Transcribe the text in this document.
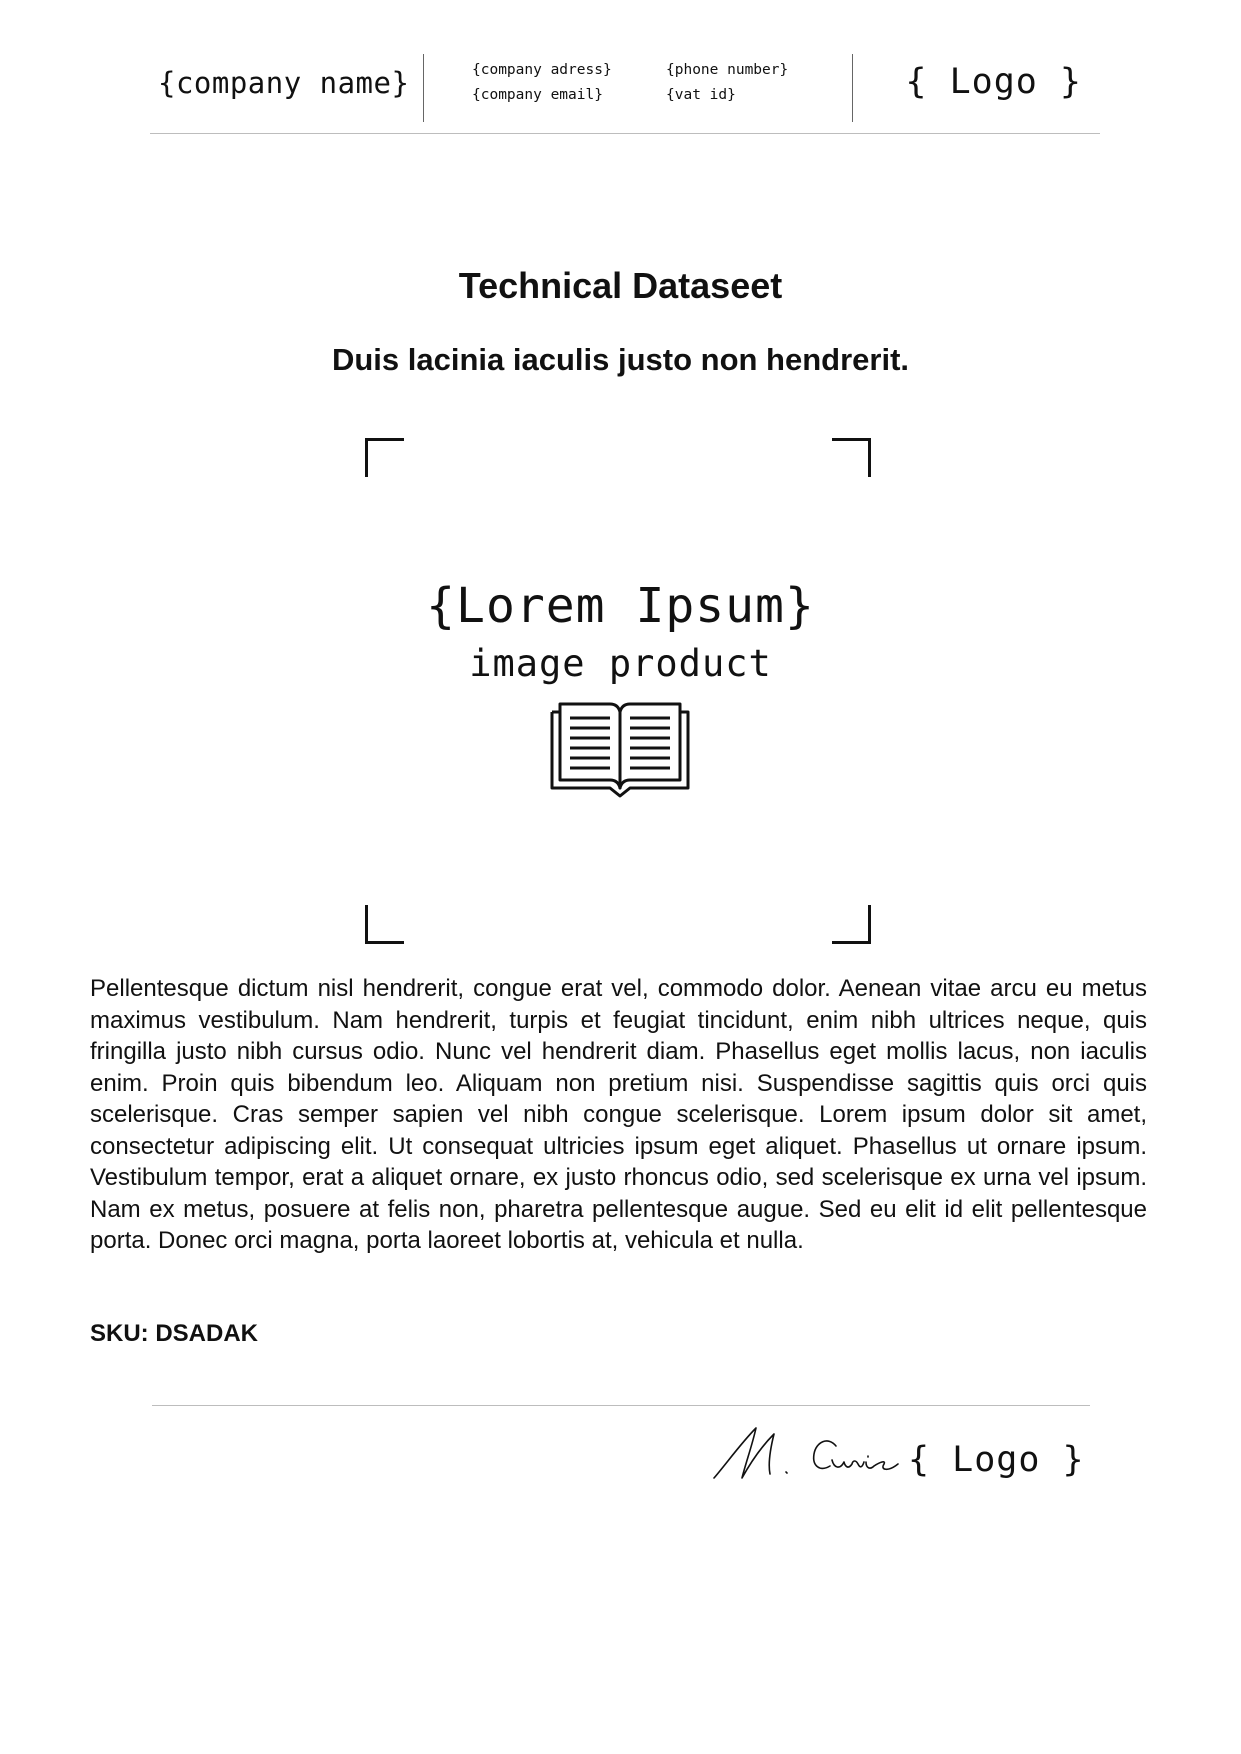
{company name}	{company adress}
{company email}
{phone number}
{vat id}	{ Logo }
Technical Dataseet
Duis lacinia iaculis justo non hendrerit.
{Lorem Ipsum}
image product

Pellentesque dictum nisl hendrerit, congue erat vel, commodo dolor. Aenean vitae arcu eu metus maximus vestibulum. Nam hendrerit, turpis et feugiat tincidunt, enim nibh ultrices neque, quis fringilla justo nibh cursus odio. Nunc vel hendrerit diam. Phasellus eget mollis lacus, non iaculis enim. Proin quis bibendum leo. Aliquam non pretium nisi. Suspendisse sagittis quis orci quis scelerisque. Cras semper sapien vel nibh congue scelerisque. Lorem ipsum dolor sit amet, consectetur adipiscing elit. Ut consequat ultricies ipsum eget aliquet. Phasellus ut ornare ipsum. Vestibulum tempor, erat a aliquet ornare, ex justo rhoncus odio, sed scelerisque ex urna vel ipsum. Nam ex metus, posuere at felis non, pharetra pellentesque augue. Sed eu elit id elit pellentesque porta. Donec orci magna, porta laoreet lobortis at, vehicula et nulla.

SKU: DSADAK
{ Logo }
